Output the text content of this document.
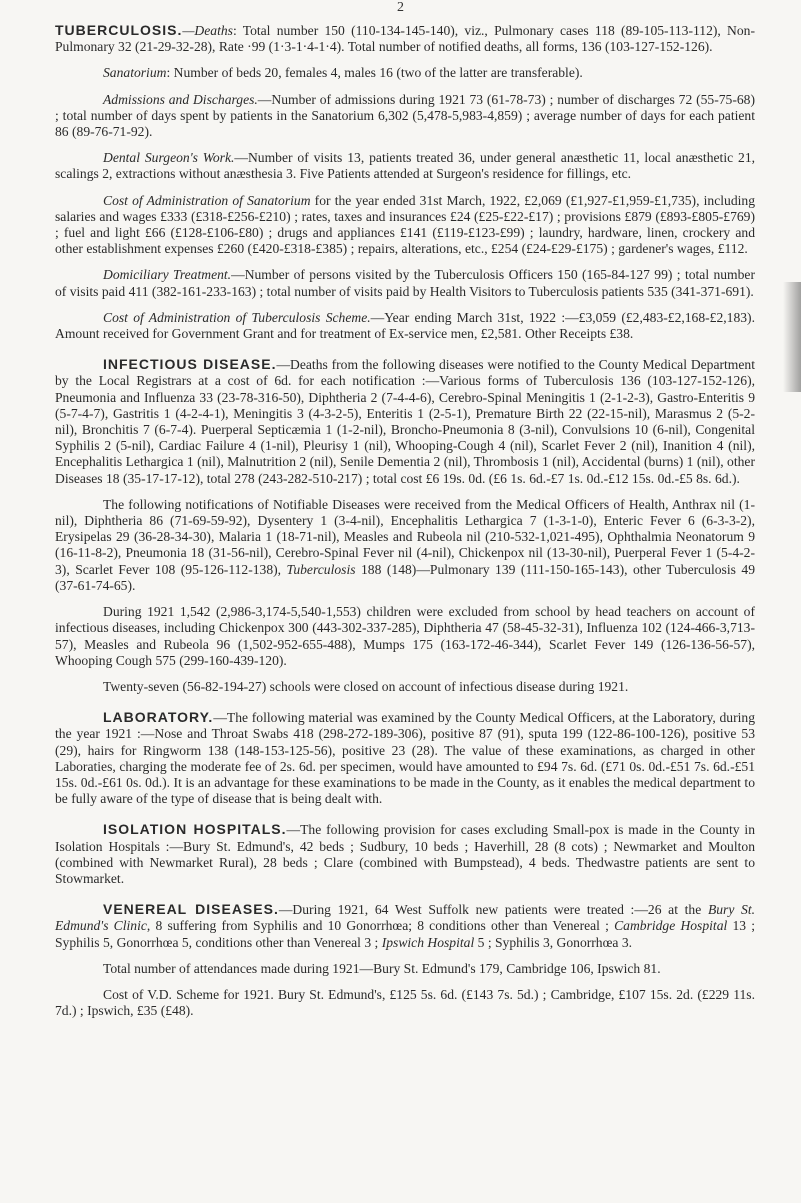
2

TUBERCULOSIS.—Deaths: Total number 150 (110-134-145-140), viz., Pulmonary cases 118 (89-105-113-112), Non-Pulmonary 32 (21-29-32-28), Rate ·99 (1·3-1·4-1·4). Total number of notified deaths, all forms, 136 (103-127-152-126).

Sanatorium: Number of beds 20, females 4, males 16 (two of the latter are transferable).

Admissions and Discharges.—Number of admissions during 1921 73 (61-78-73) ; number of discharges 72 (55-75-68) ; total number of days spent by patients in the Sanatorium 6,302 (5,478-5,983-4,859) ; average number of days for each patient 86 (89-76-71-92).

Dental Surgeon's Work.—Number of visits 13, patients treated 36, under general anæsthetic 11, local anæsthetic 21, scalings 2, extractions without anæsthesia 3. Five Patients attended at Surgeon's residence for fillings, etc.

Cost of Administration of Sanatorium for the year ended 31st March, 1922, £2,069 (£1,927-£1,959-£1,735), including salaries and wages £333 (£318-£256-£210) ; rates, taxes and insurances £24 (£25-£22-£17) ; provisions £879 (£893-£805-£769) ; fuel and light £66 (£128-£106-£80) ; drugs and appliances £141 (£119-£123-£99) ; laundry, hardware, linen, crockery and other establishment expenses £260 (£420-£318-£385) ; repairs, alterations, etc., £254 (£24-£29-£175) ; gardener's wages, £112.

Domiciliary Treatment.—Number of persons visited by the Tuberculosis Officers 150 (165-84-127 99) ; total number of visits paid 411 (382-161-233-163) ; total number of visits paid by Health Visitors to Tuberculosis patients 535 (341-371-691).

Cost of Administration of Tuberculosis Scheme.—Year ending March 31st, 1922 :—£3,059 (£2,483-£2,168-£2,183). Amount received for Government Grant and for treatment of Ex-service men, £2,581. Other Receipts £38.

INFECTIOUS DISEASE.—Deaths from the following diseases were notified to the County Medical Department by the Local Registrars at a cost of 6d. for each notification :—Various forms of Tuberculosis 136 (103-127-152-126), Pneumonia and Influenza 33 (23-78-316-50), Diphtheria 2 (7-4-4-6), Cerebro-Spinal Meningitis 1 (2-1-2-3), Gastro-Enteritis 9 (5-7-4-7), Gastritis 1 (4-2-4-1), Meningitis 3 (4-3-2-5), Enteritis 1 (2-5-1), Premature Birth 22 (22-15-nil), Marasmus 2 (5-2-nil), Bronchitis 7 (6-7-4). Puerperal Septicæmia 1 (1-2-nil), Broncho-Pneumonia 8 (3-nil), Convulsions 10 (6-nil), Congenital Syphilis 2 (5-nil), Cardiac Failure 4 (1-nil), Pleurisy 1 (nil), Whooping-Cough 4 (nil), Scarlet Fever 2 (nil), Inanition 4 (nil), Encephalitis Lethargica 1 (nil), Malnutrition 2 (nil), Senile Dementia 2 (nil), Thrombosis 1 (nil), Accidental (burns) 1 (nil), other Diseases 18 (35-17-17-12), total 278 (243-282-510-217) ; total cost £6 19s. 0d. (£6 1s. 6d.-£7 1s. 0d.-£12 15s. 0d.-£5 8s. 6d.).

The following notifications of Notifiable Diseases were received from the Medical Officers of Health, Anthrax nil (1-nil), Diphtheria 86 (71-69-59-92), Dysentery 1 (3-4-nil), Encephalitis Lethargica 7 (1-3-1-0), Enteric Fever 6 (6-3-3-2), Erysipelas 29 (36-28-34-30), Malaria 1 (18-71-nil), Measles and Rubeola nil (210-532-1,021-495), Ophthalmia Neonatorum 9 (16-11-8-2), Pneumonia 18 (31-56-nil), Cerebro-Spinal Fever nil (4-nil), Chickenpox nil (13-30-nil), Puerperal Fever 1 (5-4-2-3), Scarlet Fever 108 (95-126-112-138), Tuberculosis 188 (148)—Pulmonary 139 (111-150-165-143), other Tuberculosis 49 (37-61-74-65).

During 1921 1,542 (2,986-3,174-5,540-1,553) children were excluded from school by head teachers on account of infectious diseases, including Chickenpox 300 (443-302-337-285), Diphtheria 47 (58-45-32-31), Influenza 102 (124-466-3,713-57), Measles and Rubeola 96 (1,502-952-655-488), Mumps 175 (163-172-46-344), Scarlet Fever 149 (126-136-56-57), Whooping Cough 575 (299-160-439-120).

Twenty-seven (56-82-194-27) schools were closed on account of infectious disease during 1921.

LABORATORY.—The following material was examined by the County Medical Officers, at the Laboratory, during the year 1921 :—Nose and Throat Swabs 418 (298-272-189-306), positive 87 (91), sputa 199 (122-86-100-126), positive 53 (29), hairs for Ringworm 138 (148-153-125-56), positive 23 (28). The value of these examinations, as charged in other Laboraties, charging the moderate fee of 2s. 6d. per specimen, would have amounted to £94 7s. 6d. (£71 0s. 0d.-£51 7s. 6d.-£51 15s. 0d.-£61 0s. 0d.). It is an advantage for these examinations to be made in the County, as it enables the medical department to be fully aware of the type of disease that is being dealt with.

ISOLATION HOSPITALS.—The following provision for cases excluding Small-pox is made in the County in Isolation Hospitals :—Bury St. Edmund's, 42 beds ; Sudbury, 10 beds ; Haverhill, 28 (8 cots) ; Newmarket and Moulton (combined with Newmarket Rural), 28 beds ; Clare (combined with Bumpstead), 4 beds. Thedwastre patients are sent to Stowmarket.

VENEREAL DISEASES.—During 1921, 64 West Suffolk new patients were treated :—26 at the Bury St. Edmund's Clinic, 8 suffering from Syphilis and 10 Gonorrhœa; 8 conditions other than Venereal ; Cambridge Hospital 13 ; Syphilis 5, Gonorrhœa 5, conditions other than Venereal 3 ; Ipswich Hospital 5 ; Syphilis 3, Gonorrhœa 3.

Total number of attendances made during 1921—Bury St. Edmund's 179, Cambridge 106, Ipswich 81.

Cost of V.D. Scheme for 1921. Bury St. Edmund's, £125 5s. 6d. (£143 7s. 5d.) ; Cambridge, £107 15s. 2d. (£229 11s. 7d.) ; Ipswich, £35 (£48).
